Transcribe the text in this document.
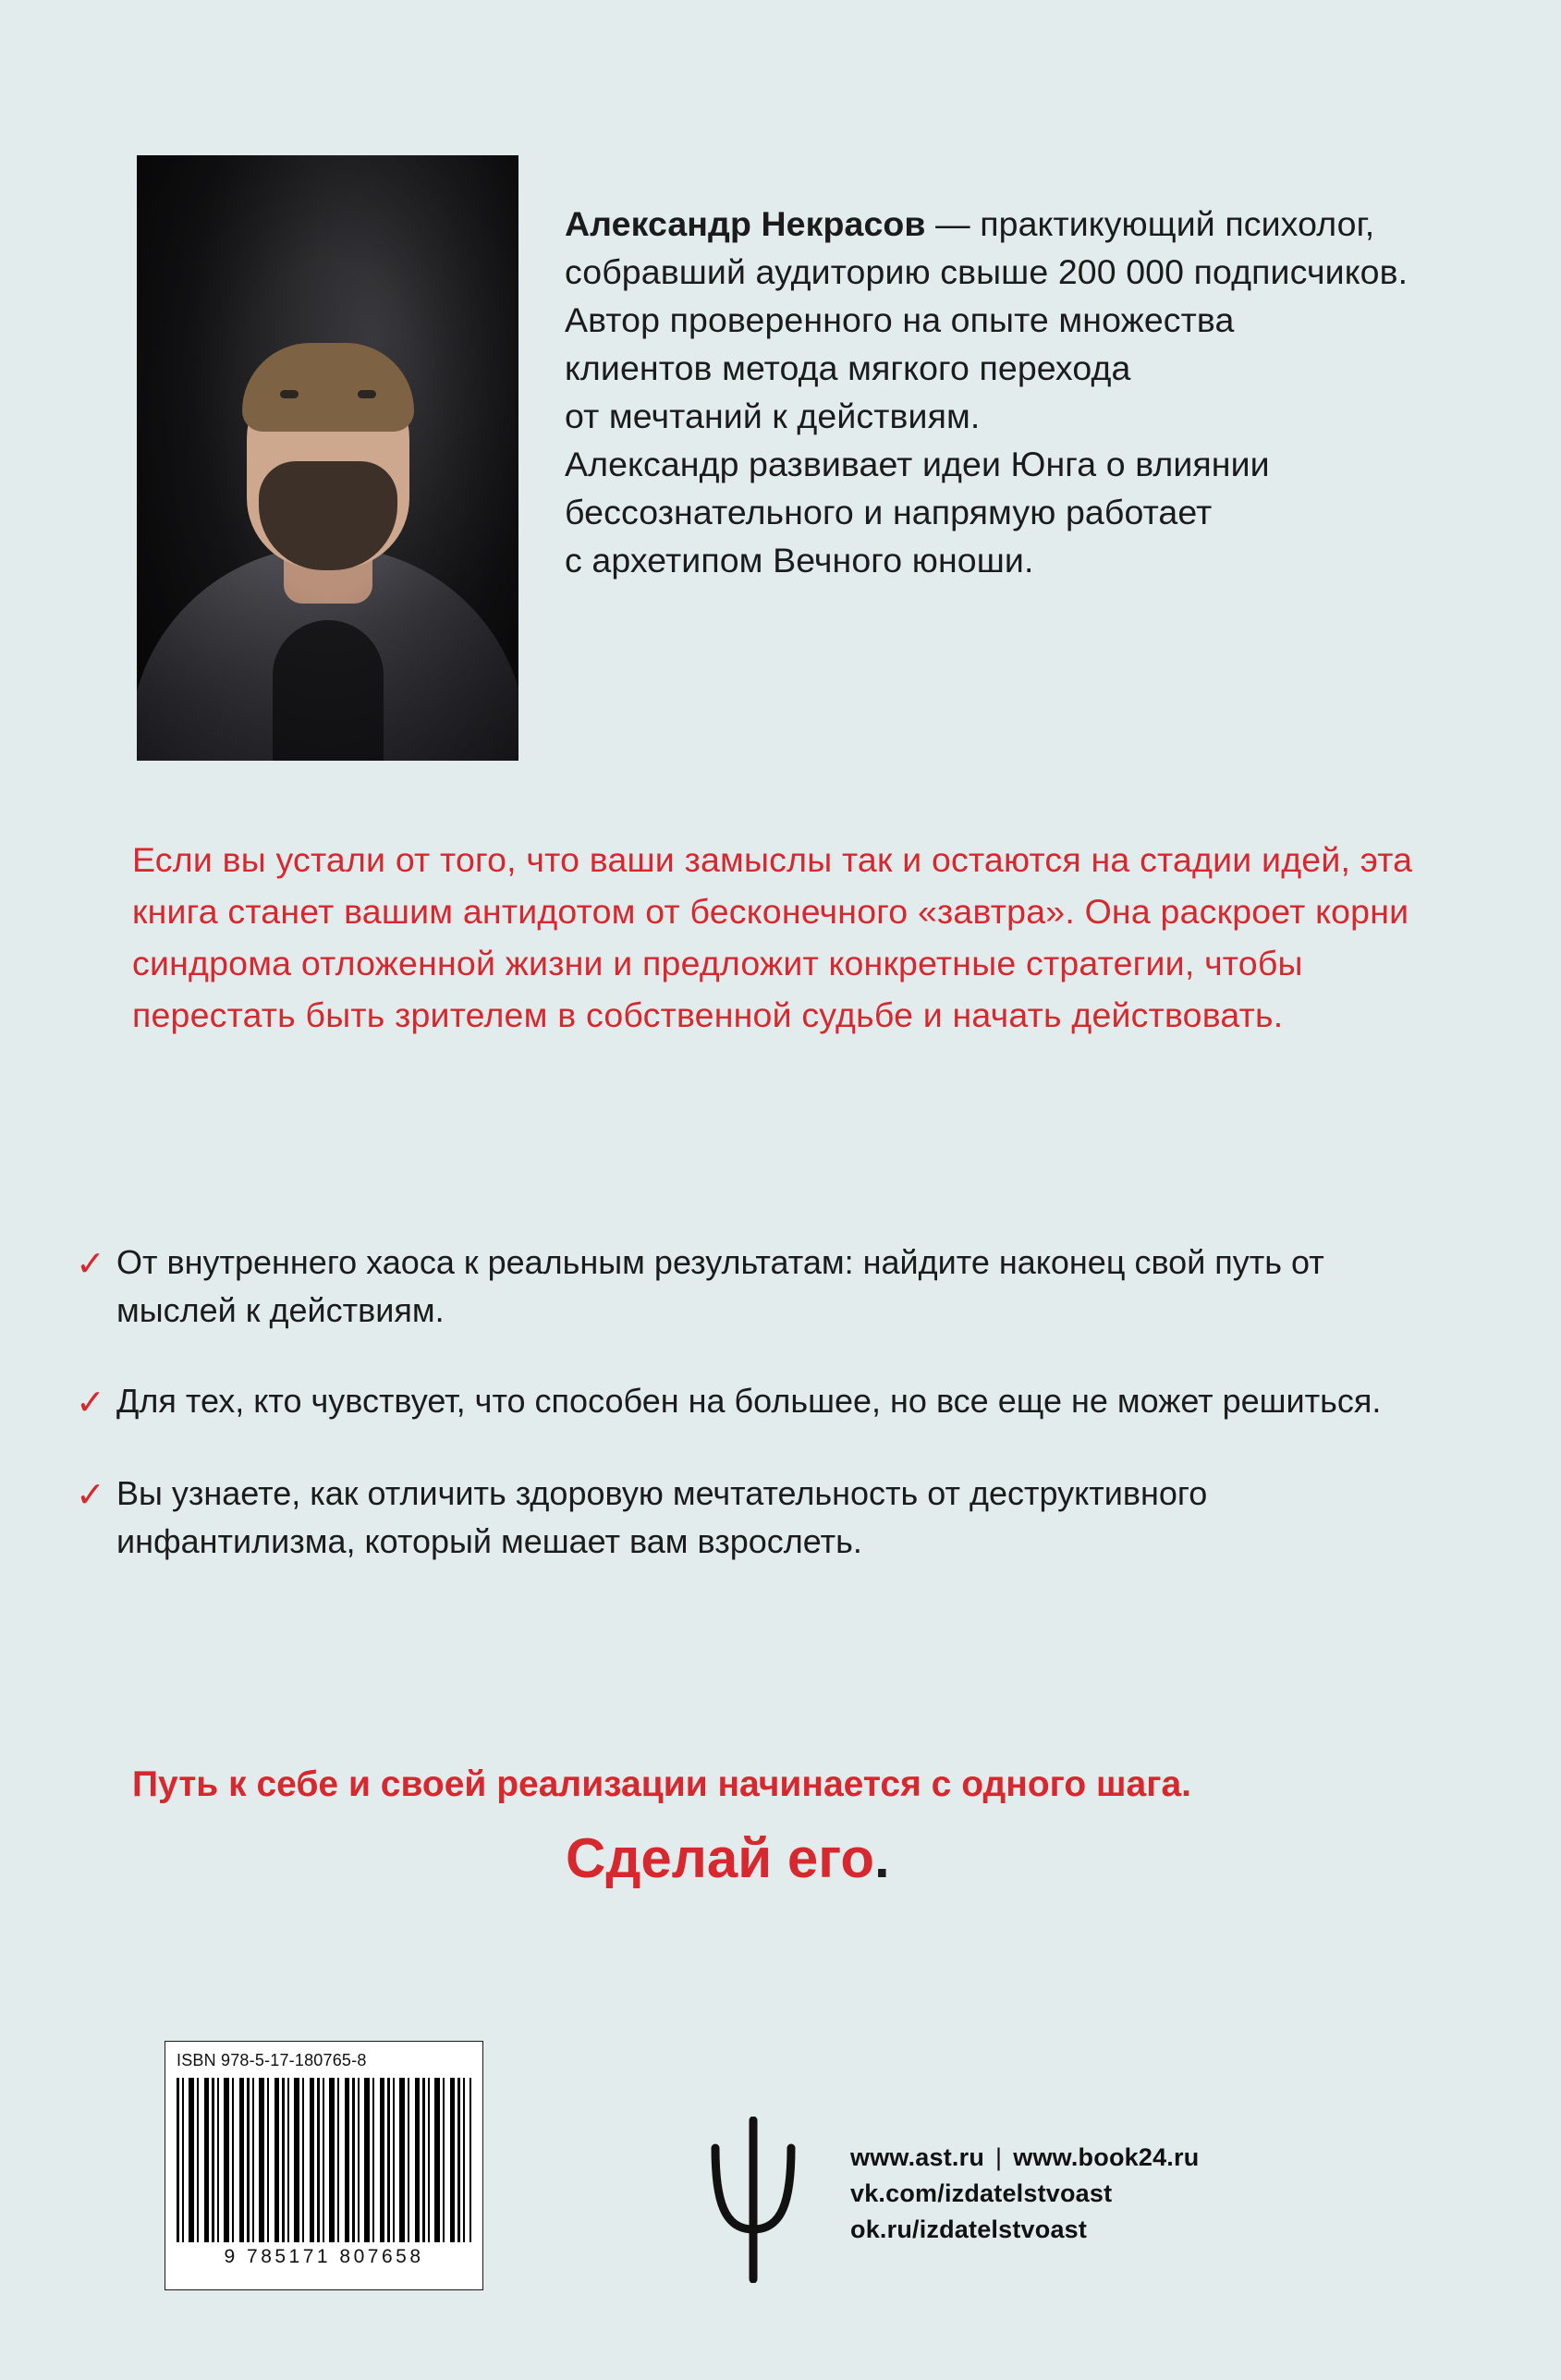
Александр Некрасов — практикующий психолог, собравший аудиторию свыше 200 000 подписчиков.
Автор проверенного на опыте множества
клиентов метода мягкого перехода
от мечтаний к действиям.
Александр развивает идеи Юнга о влиянии
бессознательного и напрямую работает
с архетипом Вечного юноши.
Если вы устали от того, что ваши замыслы так и остаются на стадии идей, эта книга станет вашим антидотом от бесконечного «завтра». Она раскроет корни синдрома отложенной жизни и предложит конкретные стратегии, чтобы перестать быть зрителем в собственной судьбе и начать действовать.
✓ От внутреннего хаоса к реальным результатам: найдите наконец свой путь от мыслей к действиям.
✓ Для тех, кто чувствует, что способен на большее, но все еще не может решиться.
✓ Вы узнаете, как отличить здоровую мечтательность от деструктивного инфантилизма, который мешает вам взрослеть.
Путь к себе и своей реализации начинается с одного шага.
Сделай его.
ISBN 978-5-17-180765-8
9 785171 807658
www.ast.ru | www.book24.ru
vk.com/izdatelstvoast
ok.ru/izdatelstvoast
